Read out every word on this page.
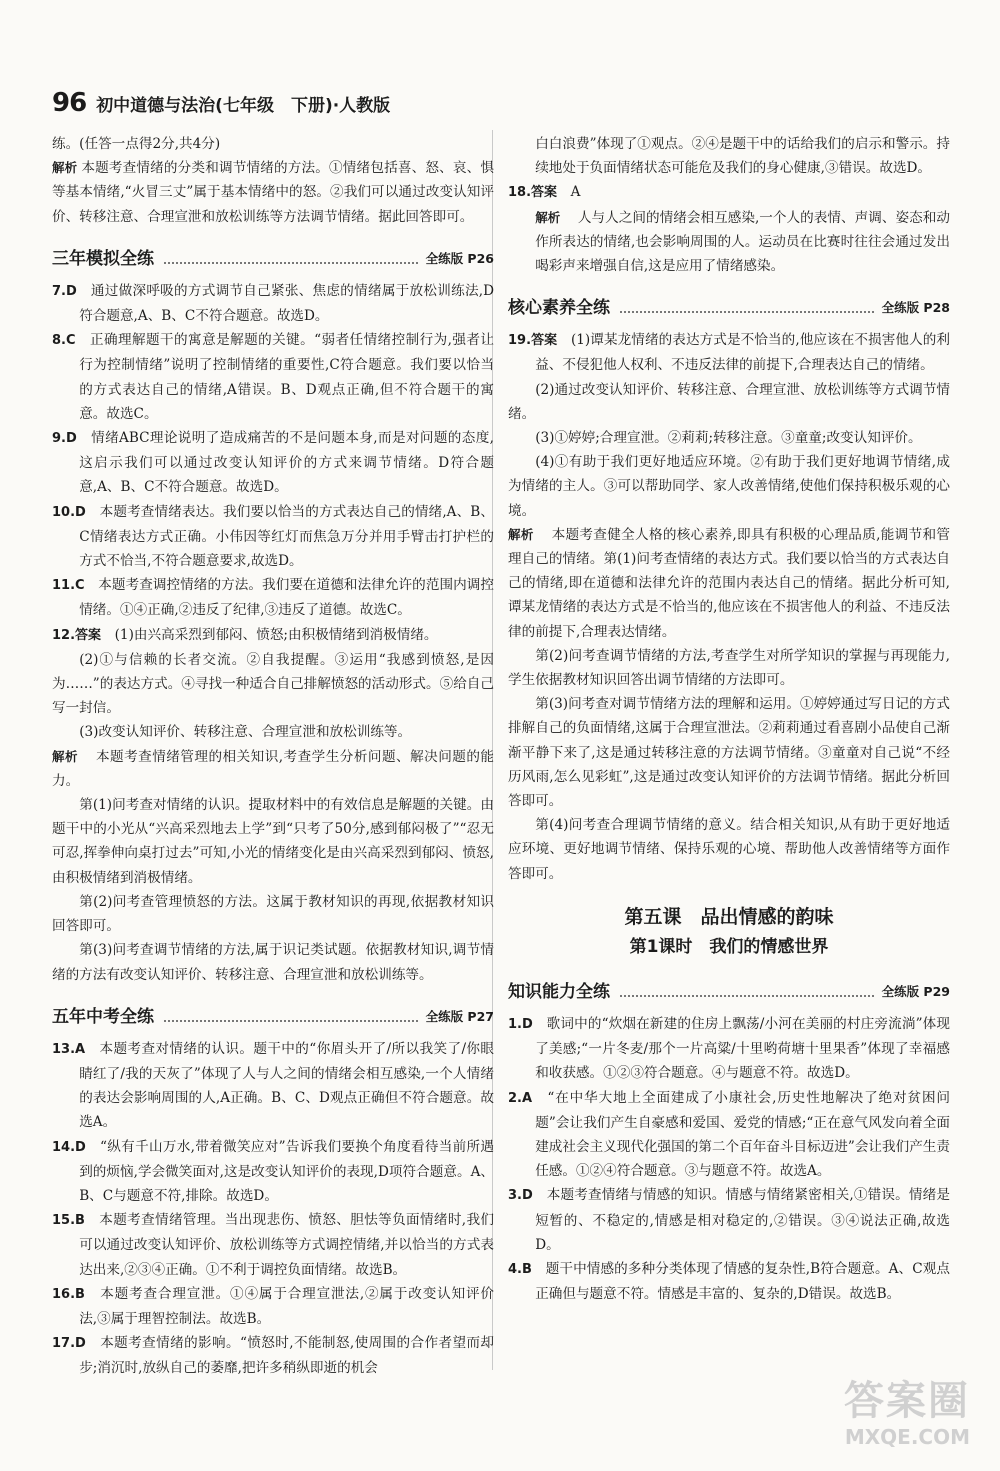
96 初中道德与法治(七年级　下册)·人教版

练。(任答一点得2分,共4分)

解析 本题考查情绪的分类和调节情绪的方法。①情绪包括喜、怒、哀、惧等基本情绪,“火冒三丈”属于基本情绪中的怒。②我们可以通过改变认知评价、转移注意、合理宣泄和放松训练等方法调节情绪。据此回答即可。

三年模拟全练	全练版 P26

7.D　 通过做深呼吸的方式调节自己紧张、焦虑的情绪属于放松训练法,D符合题意,A、B、C不符合题意。故选D。

8.C　 正确理解题干的寓意是解题的关键。“弱者任情绪控制行为,强者让行为控制情绪”说明了控制情绪的重要性,C符合题意。我们要以恰当的方式表达自己的情绪,A错误。B、D观点正确,但不符合题干的寓意。故选C。

9.D　 情绪ABC理论说明了造成痛苦的不是问题本身,而是对问题的态度,这启示我们可以通过改变认知评价的方式来调节情绪。D符合题意,A、B、C不符合题意。故选D。

10.D　 本题考查情绪表达。我们要以恰当的方式表达自己的情绪,A、B、C情绪表达方式正确。小伟因等红灯而焦急万分并用手臂击打护栏的方式不恰当,不符合题意要求,故选D。

11.C　 本题考查调控情绪的方法。我们要在道德和法律允许的范围内调控情绪。①④正确,②违反了纪律,③违反了道德。故选C。

12.答案　 (1)由兴高采烈到郁闷、愤怒;由积极情绪到消极情绪。

(2)①与信赖的长者交流。②自我提醒。③运用“我感到愤怒,是因为……”的表达方式。④寻找一种适合自己排解愤怒的活动形式。⑤给自己写一封信。

(3)改变认知评价、转移注意、合理宣泄和放松训练等。

解析　 本题考查情绪管理的相关知识,考查学生分析问题、解决问题的能力。

第(1)问考查对情绪的认识。提取材料中的有效信息是解题的关键。由题干中的小光从“兴高采烈地去上学”到“只考了50分,感到郁闷极了”“忍无可忍,挥拳伸向桌打过去”可知,小光的情绪变化是由兴高采烈到郁闷、愤怒,由积极情绪到消极情绪。

第(2)问考查管理愤怒的方法。这属于教材知识的再现,依据教材知识回答即可。

第(3)问考查调节情绪的方法,属于识记类试题。依据教材知识,调节情绪的方法有改变认知评价、转移注意、合理宣泄和放松训练等。

五年中考全练	全练版 P27

13.A　 本题考查对情绪的认识。题干中的“你眉头开了/所以我笑了/你眼睛红了/我的天灰了”体现了人与人之间的情绪会相互感染,一个人情绪的表达会影响周围的人,A正确。B、C、D观点正确但不符合题意。故选A。

14.D　 “纵有千山万水,带着微笑应对”告诉我们要换个角度看待当前所遇到的烦恼,学会微笑面对,这是改变认知评价的表现,D项符合题意。A、B、C与题意不符,排除。故选D。

15.B　 本题考查情绪管理。当出现悲伤、愤怒、胆怯等负面情绪时,我们可以通过改变认知评价、放松训练等方式调控情绪,并以恰当的方式表达出来,②③④正确。①不利于调控负面情绪。故选B。

16.B　 本题考查合理宣泄。①④属于合理宣泄法,②属于改变认知评价法,③属于理智控制法。故选B。

17.D　 本题考查情绪的影响。“愤怒时,不能制怒,使周围的合作者望而却步;消沉时,放纵自己的萎靡,把许多稍纵即逝的机会

白白浪费”体现了①观点。②④是题干中的话给我们的启示和警示。持续地处于负面情绪状态可能危及我们的身心健康,③错误。故选D。

18.答案　 A

解析　 人与人之间的情绪会相互感染,一个人的表情、声调、姿态和动作所表达的情绪,也会影响周围的人。运动员在比赛时往往会通过发出喝彩声来增强自信,这是应用了情绪感染。

核心素养全练	全练版 P28

19.答案　 (1)谭某龙情绪的表达方式是不恰当的,他应该在不损害他人的利益、不侵犯他人权利、不违反法律的前提下,合理表达自己的情绪。

(2)通过改变认知评价、转移注意、合理宣泄、放松训练等方式调节情绪。

(3)①婷婷;合理宣泄。②莉莉;转移注意。③童童;改变认知评价。

(4)①有助于我们更好地适应环境。②有助于我们更好地调节情绪,成为情绪的主人。③可以帮助同学、家人改善情绪,使他们保持积极乐观的心境。

解析　 本题考查健全人格的核心素养,即具有积极的心理品质,能调节和管理自己的情绪。第(1)问考查情绪的表达方式。我们要以恰当的方式表达自己的情绪,即在道德和法律允许的范围内表达自己的情绪。据此分析可知,谭某龙情绪的表达方式是不恰当的,他应该在不损害他人的利益、不违反法律的前提下,合理表达情绪。

第(2)问考查调节情绪的方法,考查学生对所学知识的掌握与再现能力,学生依据教材知识回答出调节情绪的方法即可。

第(3)问考查对调节情绪方法的理解和运用。①婷婷通过写日记的方式排解自己的负面情绪,这属于合理宣泄法。②莉莉通过看喜剧小品使自己渐渐平静下来了,这是通过转移注意的方法调节情绪。③童童对自己说“不经历风雨,怎么见彩虹”,这是通过改变认知评价的方法调节情绪。据此分析回答即可。

第(4)问考查合理调节情绪的意义。结合相关知识,从有助于更好地适应环境、更好地调节情绪、保持乐观的心境、帮助他人改善情绪等方面作答即可。

第五课　品出情感的韵味
第1课时　我们的情感世界
知识能力全练	全练版 P29

1.D　 歌词中的“炊烟在新建的住房上飘荡/小河在美丽的村庄旁流淌”体现了美感;“一片冬麦/那个一片高粱/十里哟荷塘十里果香”体现了幸福感和收获感。①②③符合题意。④与题意不符。故选D。

2.A　 “在中华大地上全面建成了小康社会,历史性地解决了绝对贫困问题”会让我们产生自豪感和爱国、爱党的情感;“正在意气风发向着全面建成社会主义现代化强国的第二个百年奋斗目标迈进”会让我们产生责任感。①②④符合题意。③与题意不符。故选A。

3.D　 本题考查情绪与情感的知识。情感与情绪紧密相关,①错误。情绪是短暂的、不稳定的,情感是相对稳定的,②错误。③④说法正确,故选D。

4.B　 题干中情感的多种分类体现了情感的复杂性,B符合题意。A、C观点正确但与题意不符。情感是丰富的、复杂的,D错误。故选B。

答案圈
MXQE.COM
